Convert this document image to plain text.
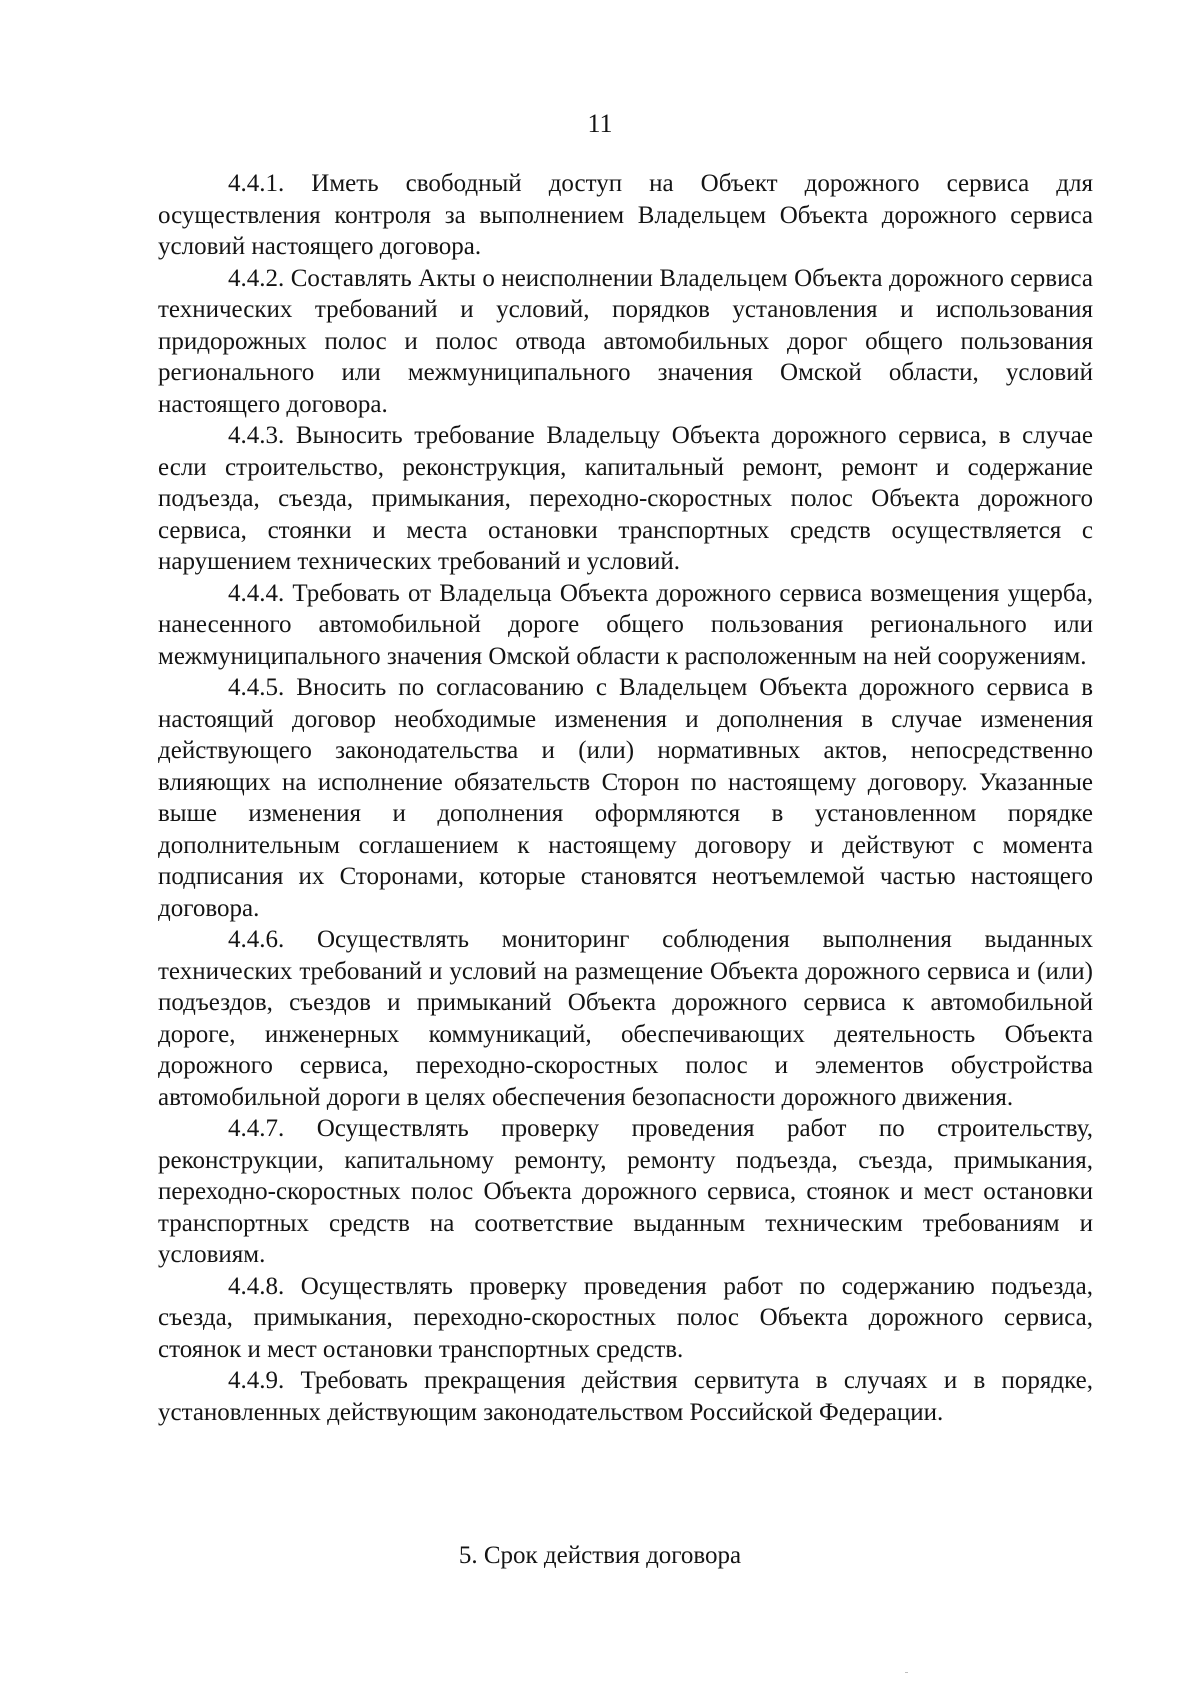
11

4.4.1. Иметь свободный доступ на Объект дорожного сервиса для осуществления контроля за выполнением Владельцем Объекта дорожного сервиса условий настоящего договора.

4.4.2. Составлять Акты о неисполнении Владельцем Объекта дорожного сервиса технических требований и условий, порядков установления и использования придорожных полос и полос отвода автомобильных дорог общего пользования регионального или межмуниципального значения Омской области, условий настоящего договора.

4.4.3. Выносить требование Владельцу Объекта дорожного сервиса, в случае если строительство, реконструкция, капитальный ремонт, ремонт и содержание подъезда, съезда, примыкания, переходно-скоростных полос Объекта дорожного сервиса, стоянки и места остановки транспортных средств осуществляется с нарушением технических требований и условий.

4.4.4. Требовать от Владельца Объекта дорожного сервиса возмещения ущерба, нанесенного автомобильной дороге общего пользования регионального или межмуниципального значения Омской области к расположенным на ней сооружениям.

4.4.5. Вносить по согласованию с Владельцем Объекта дорожного сервиса в настоящий договор необходимые изменения и дополнения в случае изменения действующего законодательства и (или) нормативных актов, непосредственно влияющих на исполнение обязательств Сторон по настоящему договору. Указанные выше изменения и дополнения оформляются в установленном порядке дополнительным соглашением к настоящему договору и действуют с момента подписания их Сторонами, которые становятся неотъемлемой частью настоящего договора.

4.4.6. Осуществлять мониторинг соблюдения выполнения выданных технических требований и условий на размещение Объекта дорожного сервиса и (или) подъездов, съездов и примыканий Объекта дорожного сервиса к автомобильной дороге, инженерных коммуникаций, обеспечивающих деятельность Объекта дорожного сервиса, переходно-скоростных полос и элементов обустройства автомобильной дороги в целях обеспечения безопасности дорожного движения.

4.4.7. Осуществлять проверку проведения работ по строительству, реконструкции, капитальному ремонту, ремонту подъезда, съезда, примыкания, переходно-скоростных полос Объекта дорожного сервиса, стоянок и мест остановки транспортных средств на соответствие выданным техническим требованиям и условиям.

4.4.8. Осуществлять проверку проведения работ по содержанию подъезда, съезда, примыкания, переходно-скоростных полос Объекта дорожного сервиса, стоянок и мест остановки транспортных средств.

4.4.9. Требовать прекращения действия сервитута в случаях и в порядке, установленных действующим законодательством Российской Федерации.

5. Срок действия договора
